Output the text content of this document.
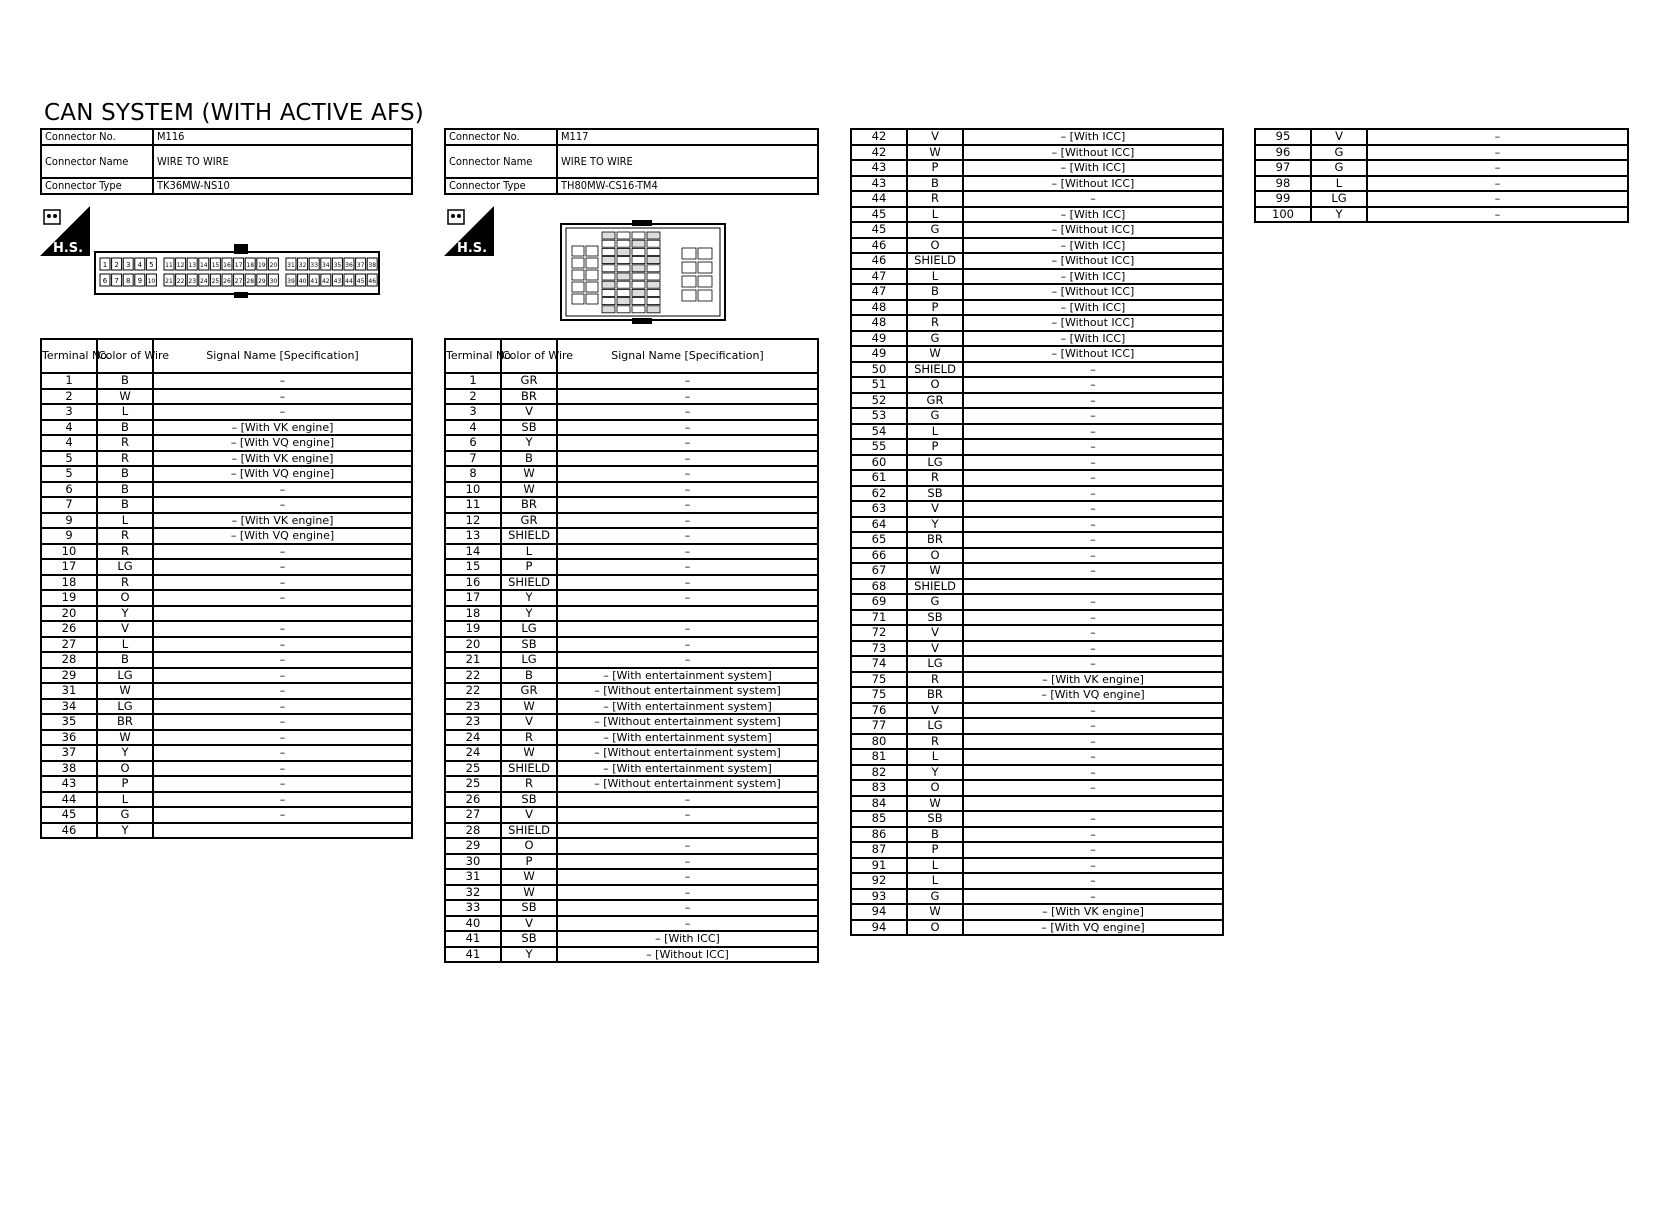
CAN SYSTEM (WITH ACTIVE AFS)
Connector No.	M116
Connector Name	WIRE TO WIRE
Connector Type	TK36MW-NS10
Connector No.	M117
Connector Name	WIRE TO WIRE
Connector Type	TH80MW-CS16-TM4
H.S.	H.S.
1 2 3 4 5 11 12 13 14 15 16 17 18 19 20 31 32 33 34 35 36 37 38
6 7 8 9 10 21 22 23 24 25 26 27 28 29 30 39 40 41 42 43 44 45 46
Terminal No.	Color of Wire	Signal Name [Specification]
1	B	–
2	W	–
3	L	–
4	B	– [With VK engine]
4	R	– [With VQ engine]
5	R	– [With VK engine]
5	B	– [With VQ engine]
6	B	–
7	B	–
9	L	– [With VK engine]
9	R	– [With VQ engine]
10	R	–
17	LG	–
18	R	–
19	O	–
20	Y	
26	V	–
27	L	–
28	B	–
29	LG	–
31	W	–
34	LG	–
35	BR	–
36	W	–
37	Y	–
38	O	–
43	P	–
44	L	–
45	G	–
46	Y	
Terminal No.	Color of Wire	Signal Name [Specification]
1	GR	–
2	BR	–
3	V	–
4	SB	–
6	Y	–
7	B	–
8	W	–
10	W	–
11	BR	–
12	GR	–
13	SHIELD	–
14	L	–
15	P	–
16	SHIELD	–
17	Y	–
18	Y	
19	LG	–
20	SB	–
21	LG	–
22	B	– [With entertainment system]
22	GR	– [Without entertainment system]
23	W	– [With entertainment system]
23	V	– [Without entertainment system]
24	R	– [With entertainment system]
24	W	– [Without entertainment system]
25	SHIELD	– [With entertainment system]
25	R	– [Without entertainment system]
26	SB	–
27	V	–
28	SHIELD	
29	O	–
30	P	–
31	W	–
32	W	–
33	SB	–
40	V	–
41	SB	– [With ICC]
41	Y	– [Without ICC]
42	V	– [With ICC]
42	W	– [Without ICC]
43	P	– [With ICC]
43	B	– [Without ICC]
44	R	–
45	L	– [With ICC]
45	G	– [Without ICC]
46	O	– [With ICC]
46	SHIELD	– [Without ICC]
47	L	– [With ICC]
47	B	– [Without ICC]
48	P	– [With ICC]
48	R	– [Without ICC]
49	G	– [With ICC]
49	W	– [Without ICC]
50	SHIELD	–
51	O	–
52	GR	–
53	G	–
54	L	–
55	P	–
60	LG	–
61	R	–
62	SB	–
63	V	–
64	Y	–
65	BR	–
66	O	–
67	W	–
68	SHIELD	
69	G	–
71	SB	–
72	V	–
73	V	–
74	LG	–
75	R	– [With VK engine]
75	BR	– [With VQ engine]
76	V	–
77	LG	–
80	R	–
81	L	–
82	Y	–
83	O	–
84	W	
85	SB	–
86	B	–
87	P	–
91	L	–
92	L	–
93	G	–
94	W	– [With VK engine]
94	O	– [With VQ engine]
95	V	–
96	G	–
97	G	–
98	L	–
99	LG	–
100	Y	–
